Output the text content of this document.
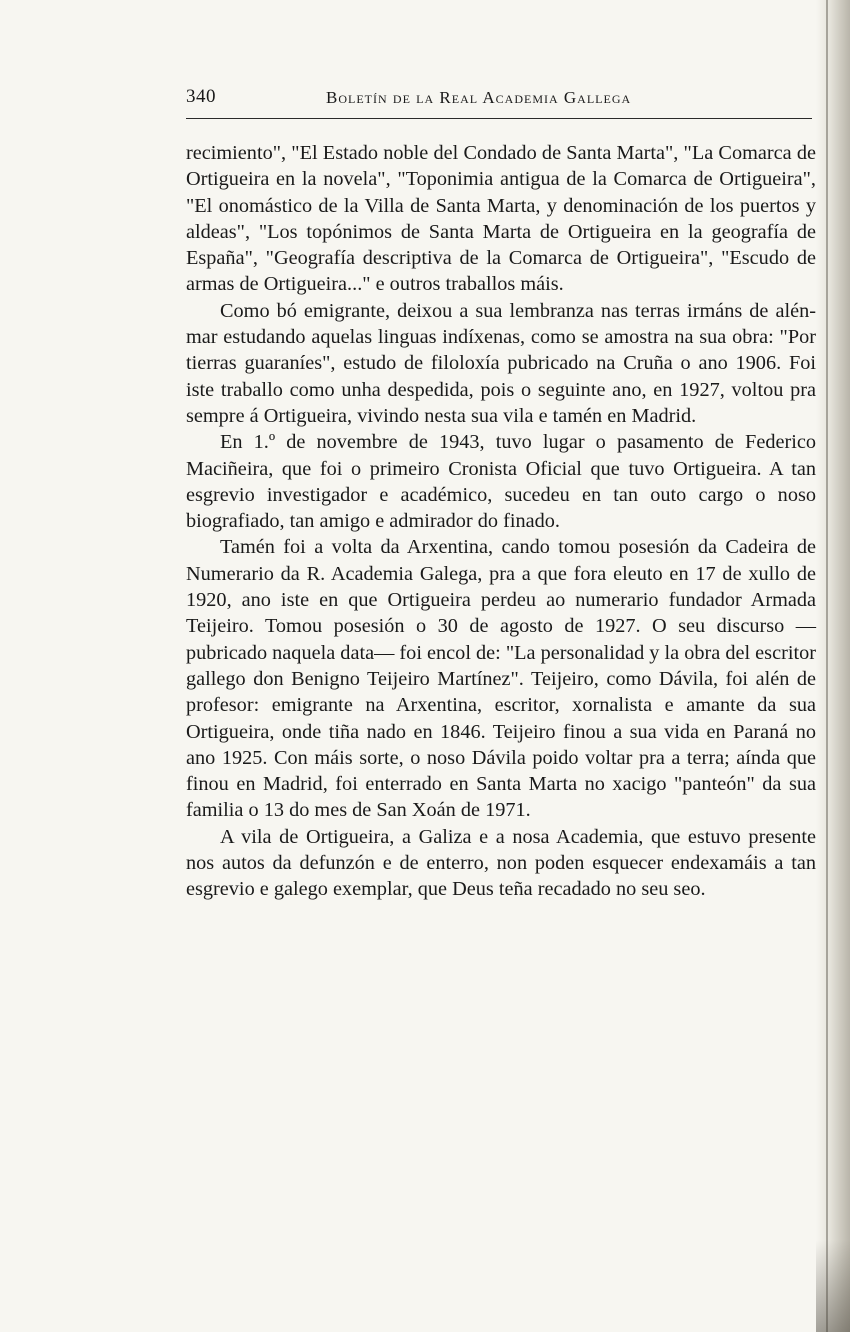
340	Boletín de la Real Academia Gallega

recimiento", "El Estado noble del Condado de Santa Marta", "La Comarca de Ortigueira en la novela", "Toponimia antigua de la Comarca de Ortigueira", "El onomástico de la Villa de Santa Marta, y denominación de los puertos y aldeas", "Los topónimos de Santa Marta de Ortigueira en la geografía de España", "Geografía descriptiva de la Comarca de Ortigueira", "Escudo de armas de Ortigueira..." e outros traballos máis.

Como bó emigrante, deixou a sua lembranza nas terras irmáns de alén-mar estudando aquelas linguas indíxenas, como se amostra na sua obra: "Por tierras guaraníes", estudo de filoloxía pubricado na Cruña o ano 1906. Foi iste traballo como unha despedida, pois o seguinte ano, en 1927, voltou pra sempre á Ortigueira, vivindo nesta sua vila e tamén en Madrid.

En 1.º de novembre de 1943, tuvo lugar o pasamento de Federico Maciñeira, que foi o primeiro Cronista Oficial que tuvo Ortigueira. A tan esgrevio investigador e académico, sucedeu en tan outo cargo o noso biografiado, tan amigo e admirador do finado.

Tamén foi a volta da Arxentina, cando tomou posesión da Cadeira de Numerario da R. Academia Galega, pra a que fora eleuto en 17 de xullo de 1920, ano iste en que Ortigueira perdeu ao numerario fundador Armada Teijeiro. Tomou posesión o 30 de agosto de 1927. O seu discurso —pubricado naquela data— foi encol de: "La personalidad y la obra del escritor gallego don Benigno Teijeiro Martínez". Teijeiro, como Dávila, foi alén de profesor: emigrante na Arxentina, escritor, xornalista e amante da sua Ortigueira, onde tiña nado en 1846. Teijeiro finou a sua vida en Paraná no ano 1925. Con máis sorte, o noso Dávila poido voltar pra a terra; aínda que finou en Madrid, foi enterrado en Santa Marta no xacigo "panteón" da sua familia o 13 do mes de San Xoán de 1971.

A vila de Ortigueira, a Galiza e a nosa Academia, que estuvo presente nos autos da defunzón e de enterro, non poden esquecer endexamáis a tan esgrevio e galego exemplar, que Deus teña recadado no seu seo.
